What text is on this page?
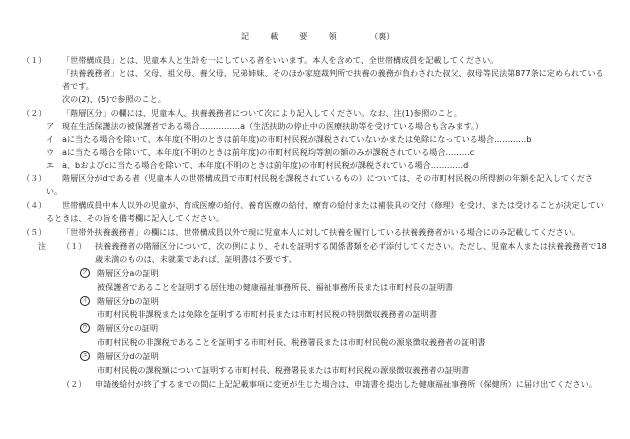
記　載　要　領	（裏）
（１） 「世帯構成員」とは、児童本人と生計を一にしている者をいいます。本人を含めて、全世帯構成員を記載してください。
「扶養義務者」とは、父母、祖父母、養父母、兄弟姉妹、そのほか家庭裁判所で扶養の義務が負わされた叔父、叔母等民法第877条に定められている
者です。
次の(2)、(5)で参照のこと。
（２） 「階層区分」の欄には、児童本人、扶養義務者について次により記入してください。なお、注(1)参照のこと。
ア 現在生活保護法の被保護者である場合……………a（生活扶助の停止中の医療扶助等を受けている場合も含みます。）
イ aに当たる場合を除いて、本年度(不明のときは前年度)の市町村民税が課税されていないかまたは免除になっている場合…………b
ウ aに当たる場合を除いて、本年度(不明のときは前年度)の市町村民税均等割の額のみが課税されている場合………c
エ a、bおよびcに当たる場合を除いて、本年度(不明のときは前年度)の市町村民税が課税されている場合…………d
（３） 階層区分がdである者（児童本人の世帯構成員で市町村民税を課税されているもの）については、その市町村民税の所得割の年額を記入してくださ
い。
（４） 世帯構成員中本人以外の児童が、育成医療の給付、養育医療の給付、療育の給付または補装具の交付（修理）を受け、または受けることが決定してい
るときは、その旨を備考欄に記入してください。
（５） 「世帯外扶養義務者」の欄には、世帯構成員以外で現に児童本人に対して扶養を履行している扶養義務者がいる場合にのみ記載してください。
注 （１） 扶養義務者の階層区分について、次の例により、それを証明する関係書類を必ず添付してください。ただし、児童本人または扶養義務者で18
歳未満のものは、未就業であれば、証明書は不要です。
ア 階層区分aの証明
被保護者であることを証明する居住地の健康福祉事務所長、福祉事務所長または市町村長の証明書
イ 階層区分bの証明
市町村民税非課税または免除を証明する市町村長または市町村民税の特別徴収義務者の証明書
ウ 階層区分cの証明
市町村民税の非課税であることを証明する市町村長、税務署長または市町村民税の源泉徴収義務者の証明書
エ 階層区分dの証明
市町村民税の課税額について証明する市町村長、税務署長または市町村民税の源泉徴収義務者の証明書
（２） 申請後給付が終了するまでの間に上記記載事項に変更が生じた場合は、申請書を提出した健康福祉事務所（保健所）に届け出てください。
